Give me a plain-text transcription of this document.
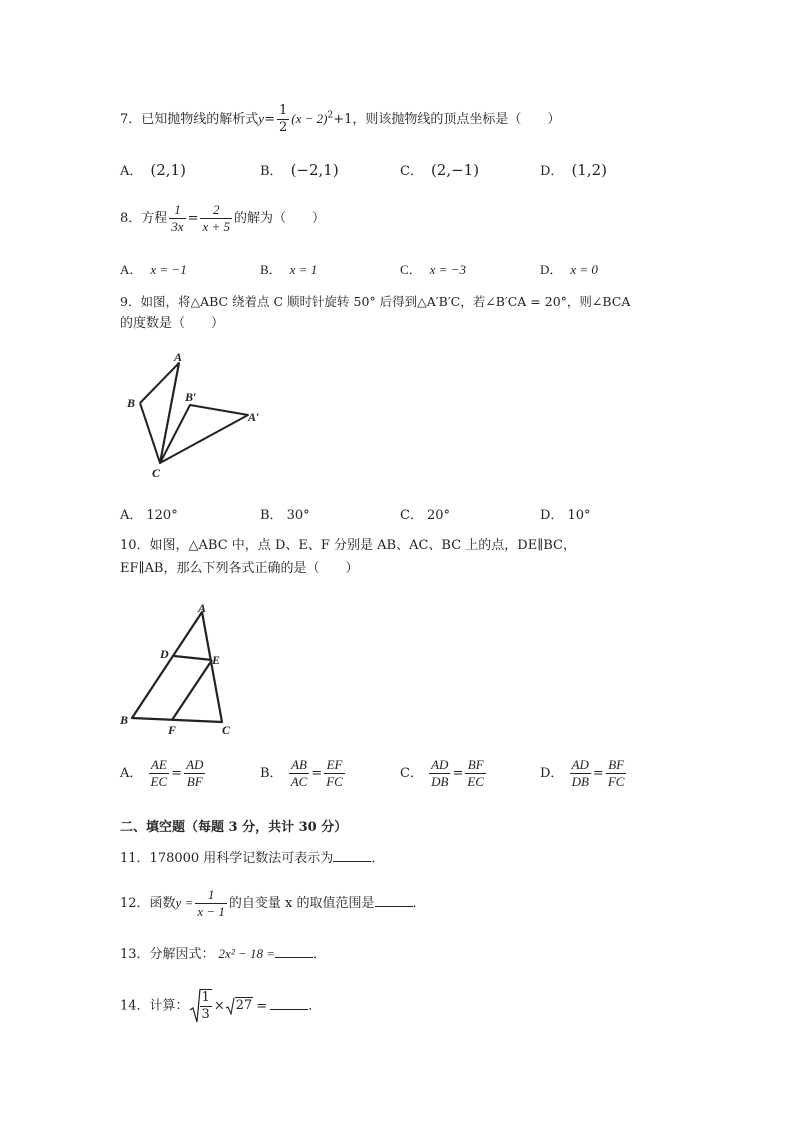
7．已知抛物线的解析式$y= \frac{1}{2} (x - 2)^2+1$，则该抛物线的顶点坐标是（　　）
A． (2,1)	B． (−2,1)	C． (2,−1)	D． (1,2)
8．方程 $\frac{1}{3x} = \frac{2}{x + 5}$ 的解为（　　）
A． x = −1	B． x = 1	C． x = −3	D． x = 0
9．如图，将△ABC 绕着点 C 顺时针旋转 50° 后得到△A′B′C，若∠B′CA = 20°，则∠BCA
的度数是（　　）
A
B	B′
A′
C
A． 120°	B． 30°	C． 20°	D． 10°
10．如图，△ABC 中，点 D、E、F 分别是 AB、AC、BC 上的点，DE∥BC，
EF∥AB，那么下列各式正确的是（　　）
A
D	E
B
F	C
A． $\frac{AE}{EC} = \frac{AD}{BF}$	B． $\frac{AB}{AC} = \frac{EF}{FC}$	C． $\frac{AD}{DB} = \frac{BF}{EC}$	D． $\frac{AD}{DB} = \frac{BF}{FC}$
二、填空题（每题 3 分，共计 30 分）
11．178000 用科学记数法可表示为	．
12．函数$y = \frac{1}{x - 1}$ 的自变量 x 的取值范围是	．
13．分解因式： 2x² − 18 =	．
14．计算： $\frac{1}{3} \times 27$ =	．
